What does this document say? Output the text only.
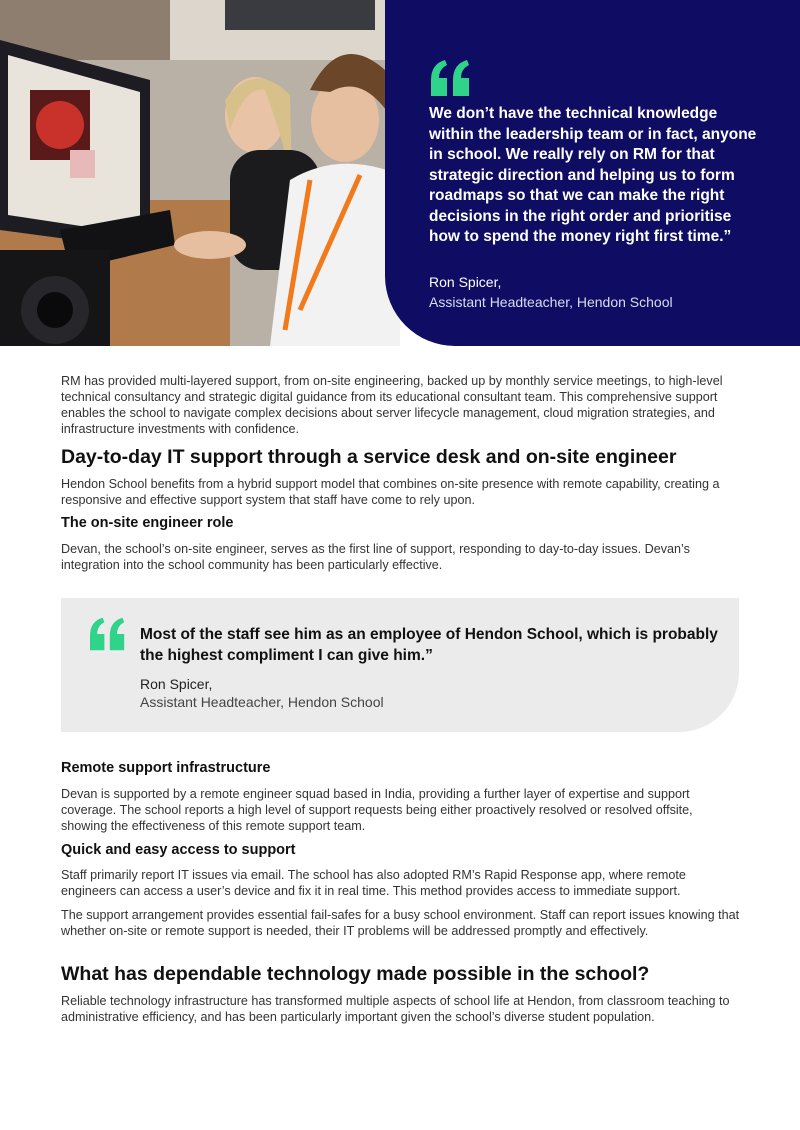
We don’t have the technical knowledge within the leadership team or in fact, anyone in school. We really rely on RM for that strategic direction and helping us to form roadmaps so that we can make the right decisions in the right order and prioritise how to spend the money right first time.”
Ron Spicer,
Assistant Headteacher, Hendon School

RM has provided multi-layered support, from on-site engineering, backed up by monthly service meetings, to high-level technical consultancy and strategic digital guidance from its educational consultant team. This comprehensive support enables the school to navigate complex decisions about server lifecycle management, cloud migration strategies, and infrastructure investments with confidence.

Day-to-day IT support through a service desk and on-site engineer

Hendon School benefits from a hybrid support model that combines on-site presence with remote capability, creating a responsive and effective support system that staff have come to rely upon.

The on-site engineer role

Devan, the school’s on-site engineer, serves as the first line of support, responding to day-to-day issues. Devan’s integration into the school community has been particularly effective.

Most of the staff see him as an employee of Hendon School, which is probably the highest compliment I can give him.”
Ron Spicer,
Assistant Headteacher, Hendon School
Remote support infrastructure

Devan is supported by a remote engineer squad based in India, providing a further layer of expertise and support coverage. The school reports a high level of support requests being either proactively resolved or resolved offsite, showing the effectiveness of this remote support team.

Quick and easy access to support

Staff primarily report IT issues via email. The school has also adopted RM’s Rapid Response app, where remote engineers can access a user’s device and fix it in real time. This method provides access to immediate support.

The support arrangement provides essential fail-safes for a busy school environment. Staff can report issues knowing that whether on-site or remote support is needed, their IT problems will be addressed promptly and effectively.

What has dependable technology made possible in the school?

Reliable technology infrastructure has transformed multiple aspects of school life at Hendon, from classroom teaching to administrative efficiency, and has been particularly important given the school’s diverse student population.
